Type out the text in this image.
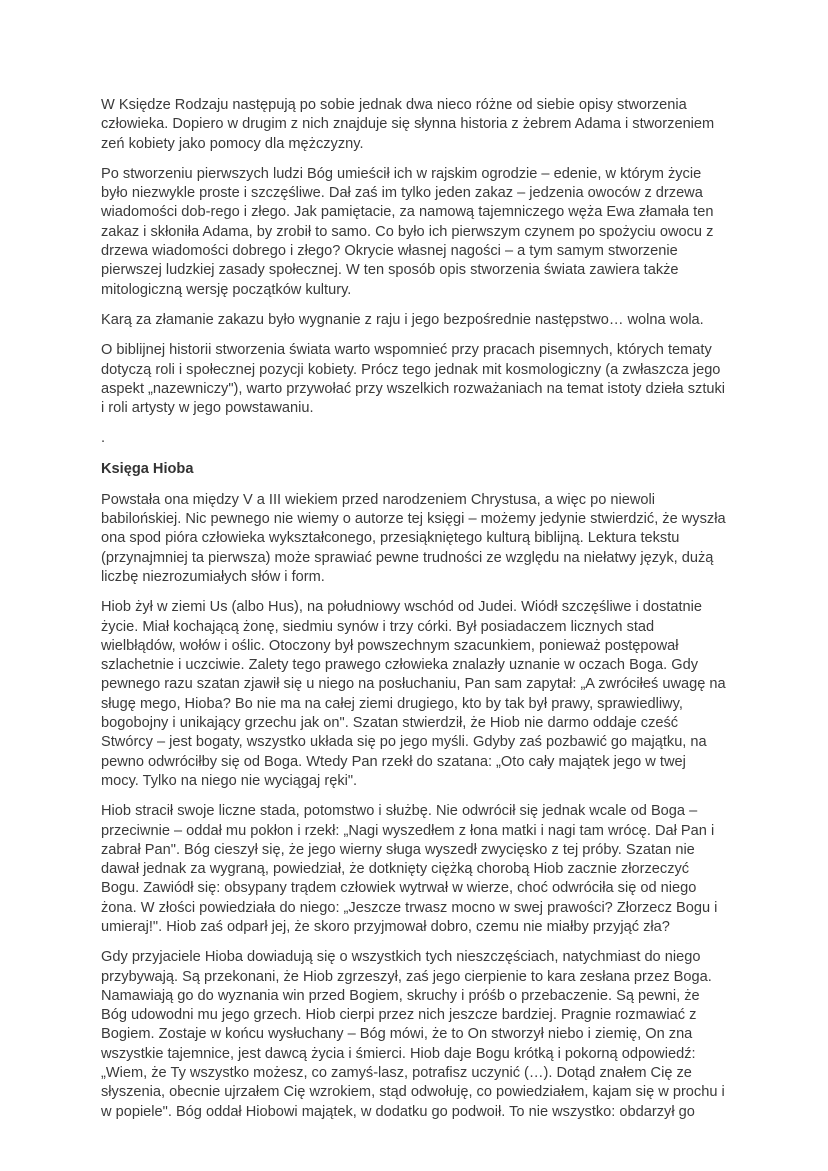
W Księdze Rodzaju następują po sobie jednak dwa nieco różne od siebie opisy stworzenia
człowieka. Dopiero w drugim z nich znajduje się słynna historia z żebrem Adama i stworzeniem
zeń kobiety jako pomocy dla mężczyzny.

Po stworzeniu pierwszych ludzi Bóg umieścił ich w rajskim ogrodzie – edenie, w którym życie
było niezwykle proste i szczęśliwe. Dał zaś im tylko jeden zakaz – jedzenia owoców z drzewa
wiadomości dob-rego i złego. Jak pamiętacie, za namową tajemniczego węża Ewa złamała ten
zakaz i skłoniła Adama, by zrobił to samo. Co było ich pierwszym czynem po spożyciu owocu z
drzewa wiadomości dobrego i złego? Okrycie własnej nagości – a tym samym stworzenie
pierwszej ludzkiej zasady społecznej. W ten sposób opis stworzenia świata zawiera także
mitologiczną wersję początków kultury.

Karą za złamanie zakazu było wygnanie z raju i jego bezpośrednie następstwo… wolna wola.

O biblijnej historii stworzenia świata warto wspomnieć przy pracach pisemnych, których tematy
dotyczą roli i społecznej pozycji kobiety. Prócz tego jednak mit kosmologiczny (a zwłaszcza jego
aspekt „nazewniczy"), warto przywołać przy wszelkich rozważaniach na temat istoty dzieła sztuki
i roli artysty w jego powstawaniu.

.
Księga Hioba

Powstała ona między V a III wiekiem przed narodzeniem Chrystusa, a więc po niewoli
babilońskiej. Nic pewnego nie wiemy o autorze tej księgi – możemy jedynie stwierdzić, że wyszła
ona spod pióra człowieka wykształconego, przesiąkniętego kulturą biblijną. Lektura tekstu
(przynajmniej ta pierwsza) może sprawiać pewne trudności ze względu na niełatwy język, dużą
liczbę niezrozumiałych słów i form.

Hiob żył w ziemi Us (albo Hus), na południowy wschód od Judei. Wiódł szczęśliwe i dostatnie
życie. Miał kochającą żonę, siedmiu synów i trzy córki. Był posiadaczem licznych stad
wielbłądów, wołów i oślic. Otoczony był powszechnym szacunkiem, ponieważ postępował
szlachetnie i uczciwie. Zalety tego prawego człowieka znalazły uznanie w oczach Boga. Gdy
pewnego razu szatan zjawił się u niego na posłuchaniu, Pan sam zapytał: „A zwróciłeś uwagę na
sługę mego, Hioba? Bo nie ma na całej ziemi drugiego, kto by tak był prawy, sprawiedliwy,
bogobojny i unikający grzechu jak on". Szatan stwierdził, że Hiob nie darmo oddaje cześć
Stwórcy – jest bogaty, wszystko układa się po jego myśli. Gdyby zaś pozbawić go majątku, na
pewno odwróciłby się od Boga. Wtedy Pan rzekł do szatana: „Oto cały majątek jego w twej
mocy. Tylko na niego nie wyciągaj ręki".

Hiob stracił swoje liczne stada, potomstwo i służbę. Nie odwrócił się jednak wcale od Boga –
przeciwnie – oddał mu pokłon i rzekł: „Nagi wyszedłem z łona matki i nagi tam wrócę. Dał Pan i
zabrał Pan". Bóg cieszył się, że jego wierny sługa wyszedł zwycięsko z tej próby. Szatan nie
dawał jednak za wygraną, powiedział, że dotknięty ciężką chorobą Hiob zacznie złorzeczyć
Bogu. Zawiódł się: obsypany trądem człowiek wytrwał w wierze, choć odwróciła się od niego
żona. W złości powiedziała do niego: „Jeszcze trwasz mocno w swej prawości? Złorzecz Bogu i
umieraj!". Hiob zaś odparł jej, że skoro przyjmował dobro, czemu nie miałby przyjąć zła?

Gdy przyjaciele Hioba dowiadują się o wszystkich tych nieszczęściach, natychmiast do niego
przybywają. Są przekonani, że Hiob zgrzeszył, zaś jego cierpienie to kara zesłana przez Boga.
Namawiają go do wyznania win przed Bogiem, skruchy i próśb o przebaczenie. Są pewni, że
Bóg udowodni mu jego grzech. Hiob cierpi przez nich jeszcze bardziej. Pragnie rozmawiać z
Bogiem. Zostaje w końcu wysłuchany – Bóg mówi, że to On stworzył niebo i ziemię, On zna
wszystkie tajemnice, jest dawcą życia i śmierci. Hiob daje Bogu krótką i pokorną odpowiedź:
„Wiem, że Ty wszystko możesz, co zamyś-lasz, potrafisz uczynić (…). Dotąd znałem Cię ze
słyszenia, obecnie ujrzałem Cię wzrokiem, stąd odwołuję, co powiedziałem, kajam się w prochu i
w popiele". Bóg oddał Hiobowi majątek, w dodatku go podwoił. To nie wszystko: obdarzył go
